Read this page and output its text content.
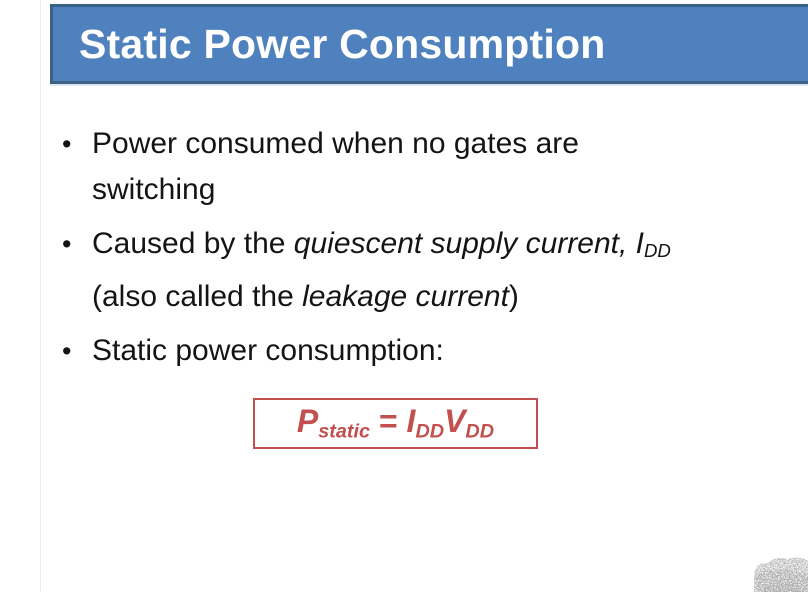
Static Power Consumption
• Power consumed when no gates are
switching
• Caused by the quiescent supply current, IDD
(also called the leakage current)
• Static power consumption:
Pstatic = IDDVDD
